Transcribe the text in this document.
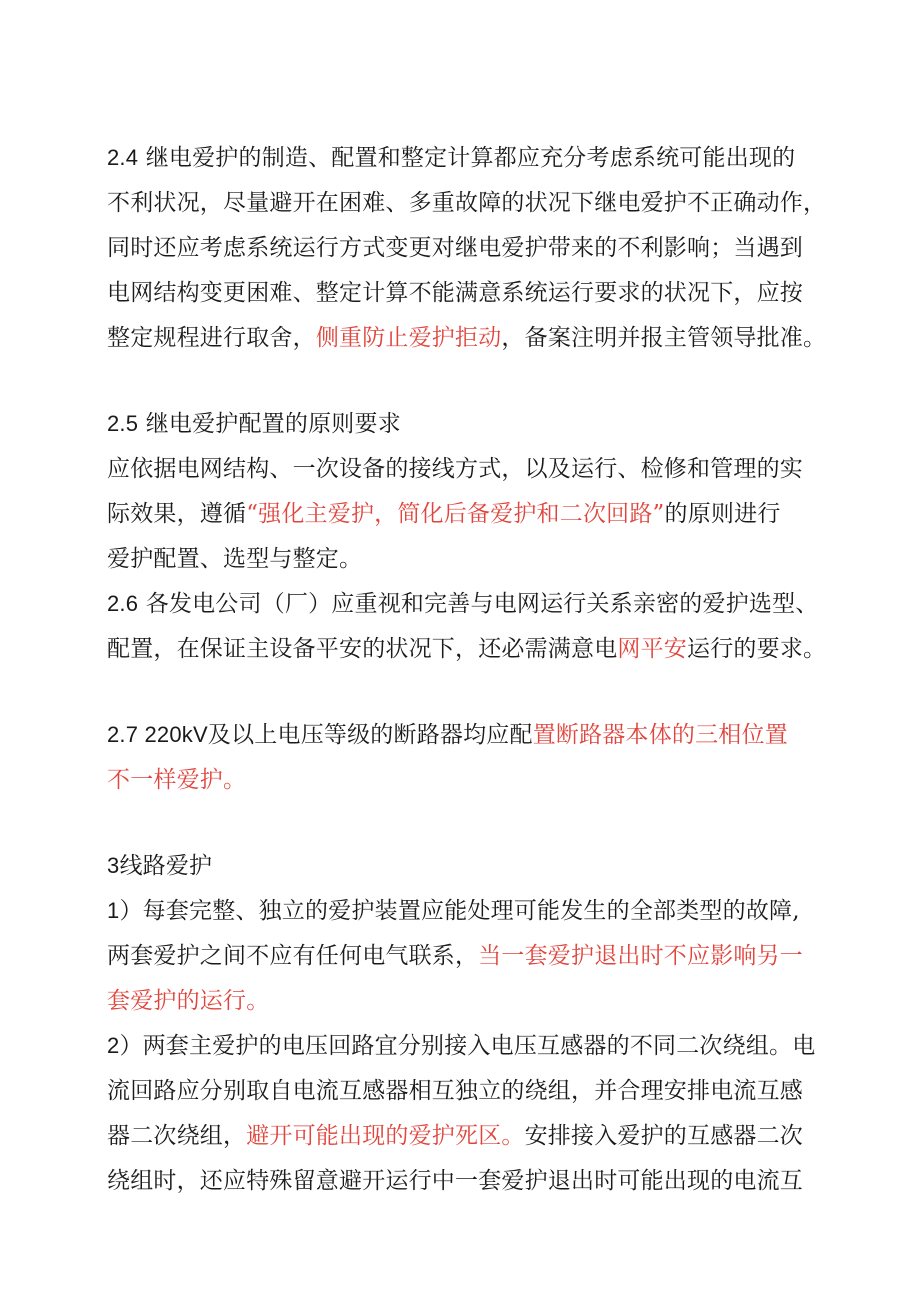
2.4 继电爱护的制造、配置和整定计算都应充分考虑系统可能出现的
不利状况，尽量避开在困难、多重故障的状况下继电爱护不正确动作，
同时还应考虑系统运行方式变更对继电爱护带来的不利影响；当遇到
电网结构变更困难、整定计算不能满意系统运行要求的状况下，应按
整定规程进行取舍，侧重防止爱护拒动，备案注明并报主管领导批准。
2.5 继电爱护配置的原则要求
应依据电网结构、一次设备的接线方式，以及运行、检修和管理的实
际效果，遵循“强化主爱护，简化后备爱护和二次回路”的原则进行
爱护配置、选型与整定。
2.6 各发电公司（厂）应重视和完善与电网运行关系亲密的爱护选型、
配置，在保证主设备平安的状况下，还必需满意电网平安运行的要求。
2.7 220kV及以上电压等级的断路器均应配置断路器本体的三相位置
不一样爱护。
3线路爱护
1）每套完整、独立的爱护装置应能处理可能发生的全部类型的故障,
两套爱护之间不应有任何电气联系，当一套爱护退出时不应影响另一
套爱护的运行。
2）两套主爱护的电压回路宜分别接入电压互感器的不同二次绕组。电
流回路应分别取自电流互感器相互独立的绕组，并合理安排电流互感
器二次绕组，避开可能出现的爱护死区。安排接入爱护的互感器二次
绕组时，还应特殊留意避开运行中一套爱护退出时可能出现的电流互
